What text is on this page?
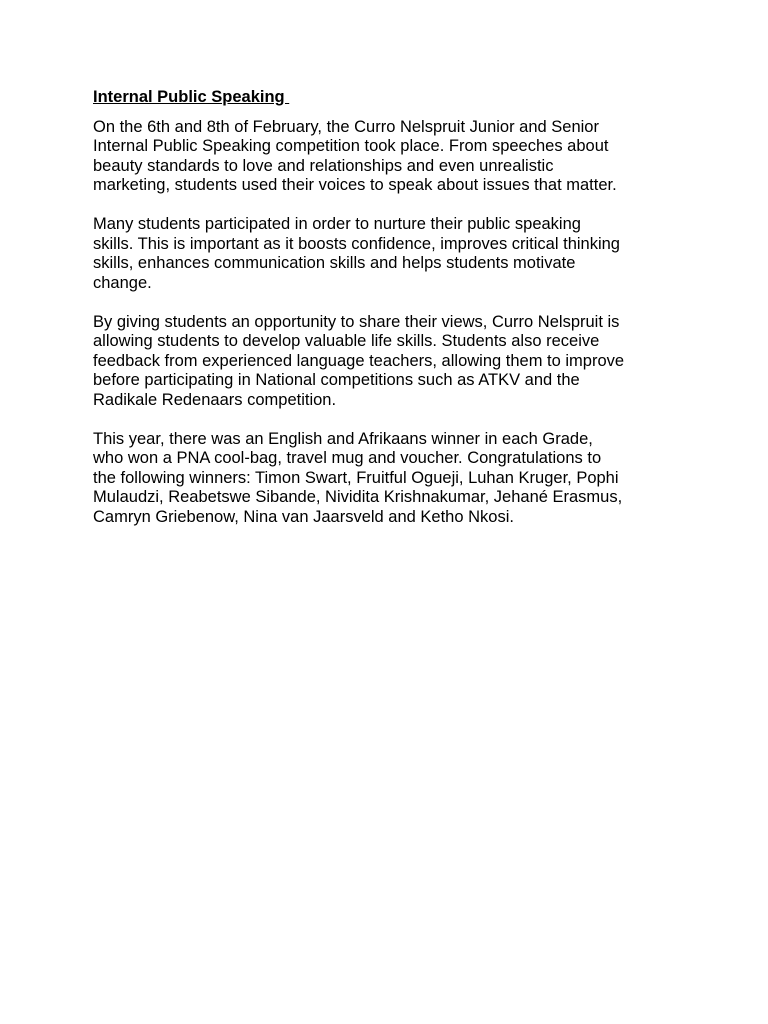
Internal Public Speaking
On the 6th and 8th of February, the Curro Nelspruit Junior and Senior
Internal Public Speaking competition took place. From speeches about
beauty standards to love and relationships and even unrealistic
marketing, students used their voices to speak about issues that matter.
Many students participated in order to nurture their public speaking
skills. This is important as it boosts confidence, improves critical thinking
skills, enhances communication skills and helps students motivate
change.
By giving students an opportunity to share their views, Curro Nelspruit is
allowing students to develop valuable life skills. Students also receive
feedback from experienced language teachers, allowing them to improve
before participating in National competitions such as ATKV and the
Radikale Redenaars competition.
This year, there was an English and Afrikaans winner in each Grade,
who won a PNA cool-bag, travel mug and voucher. Congratulations to
the following winners: Timon Swart, Fruitful Ogueji, Luhan Kruger, Pophi
Mulaudzi, Reabetswe Sibande, Nividita Krishnakumar, Jehané Erasmus,
Camryn Griebenow, Nina van Jaarsveld and Ketho Nkosi.
